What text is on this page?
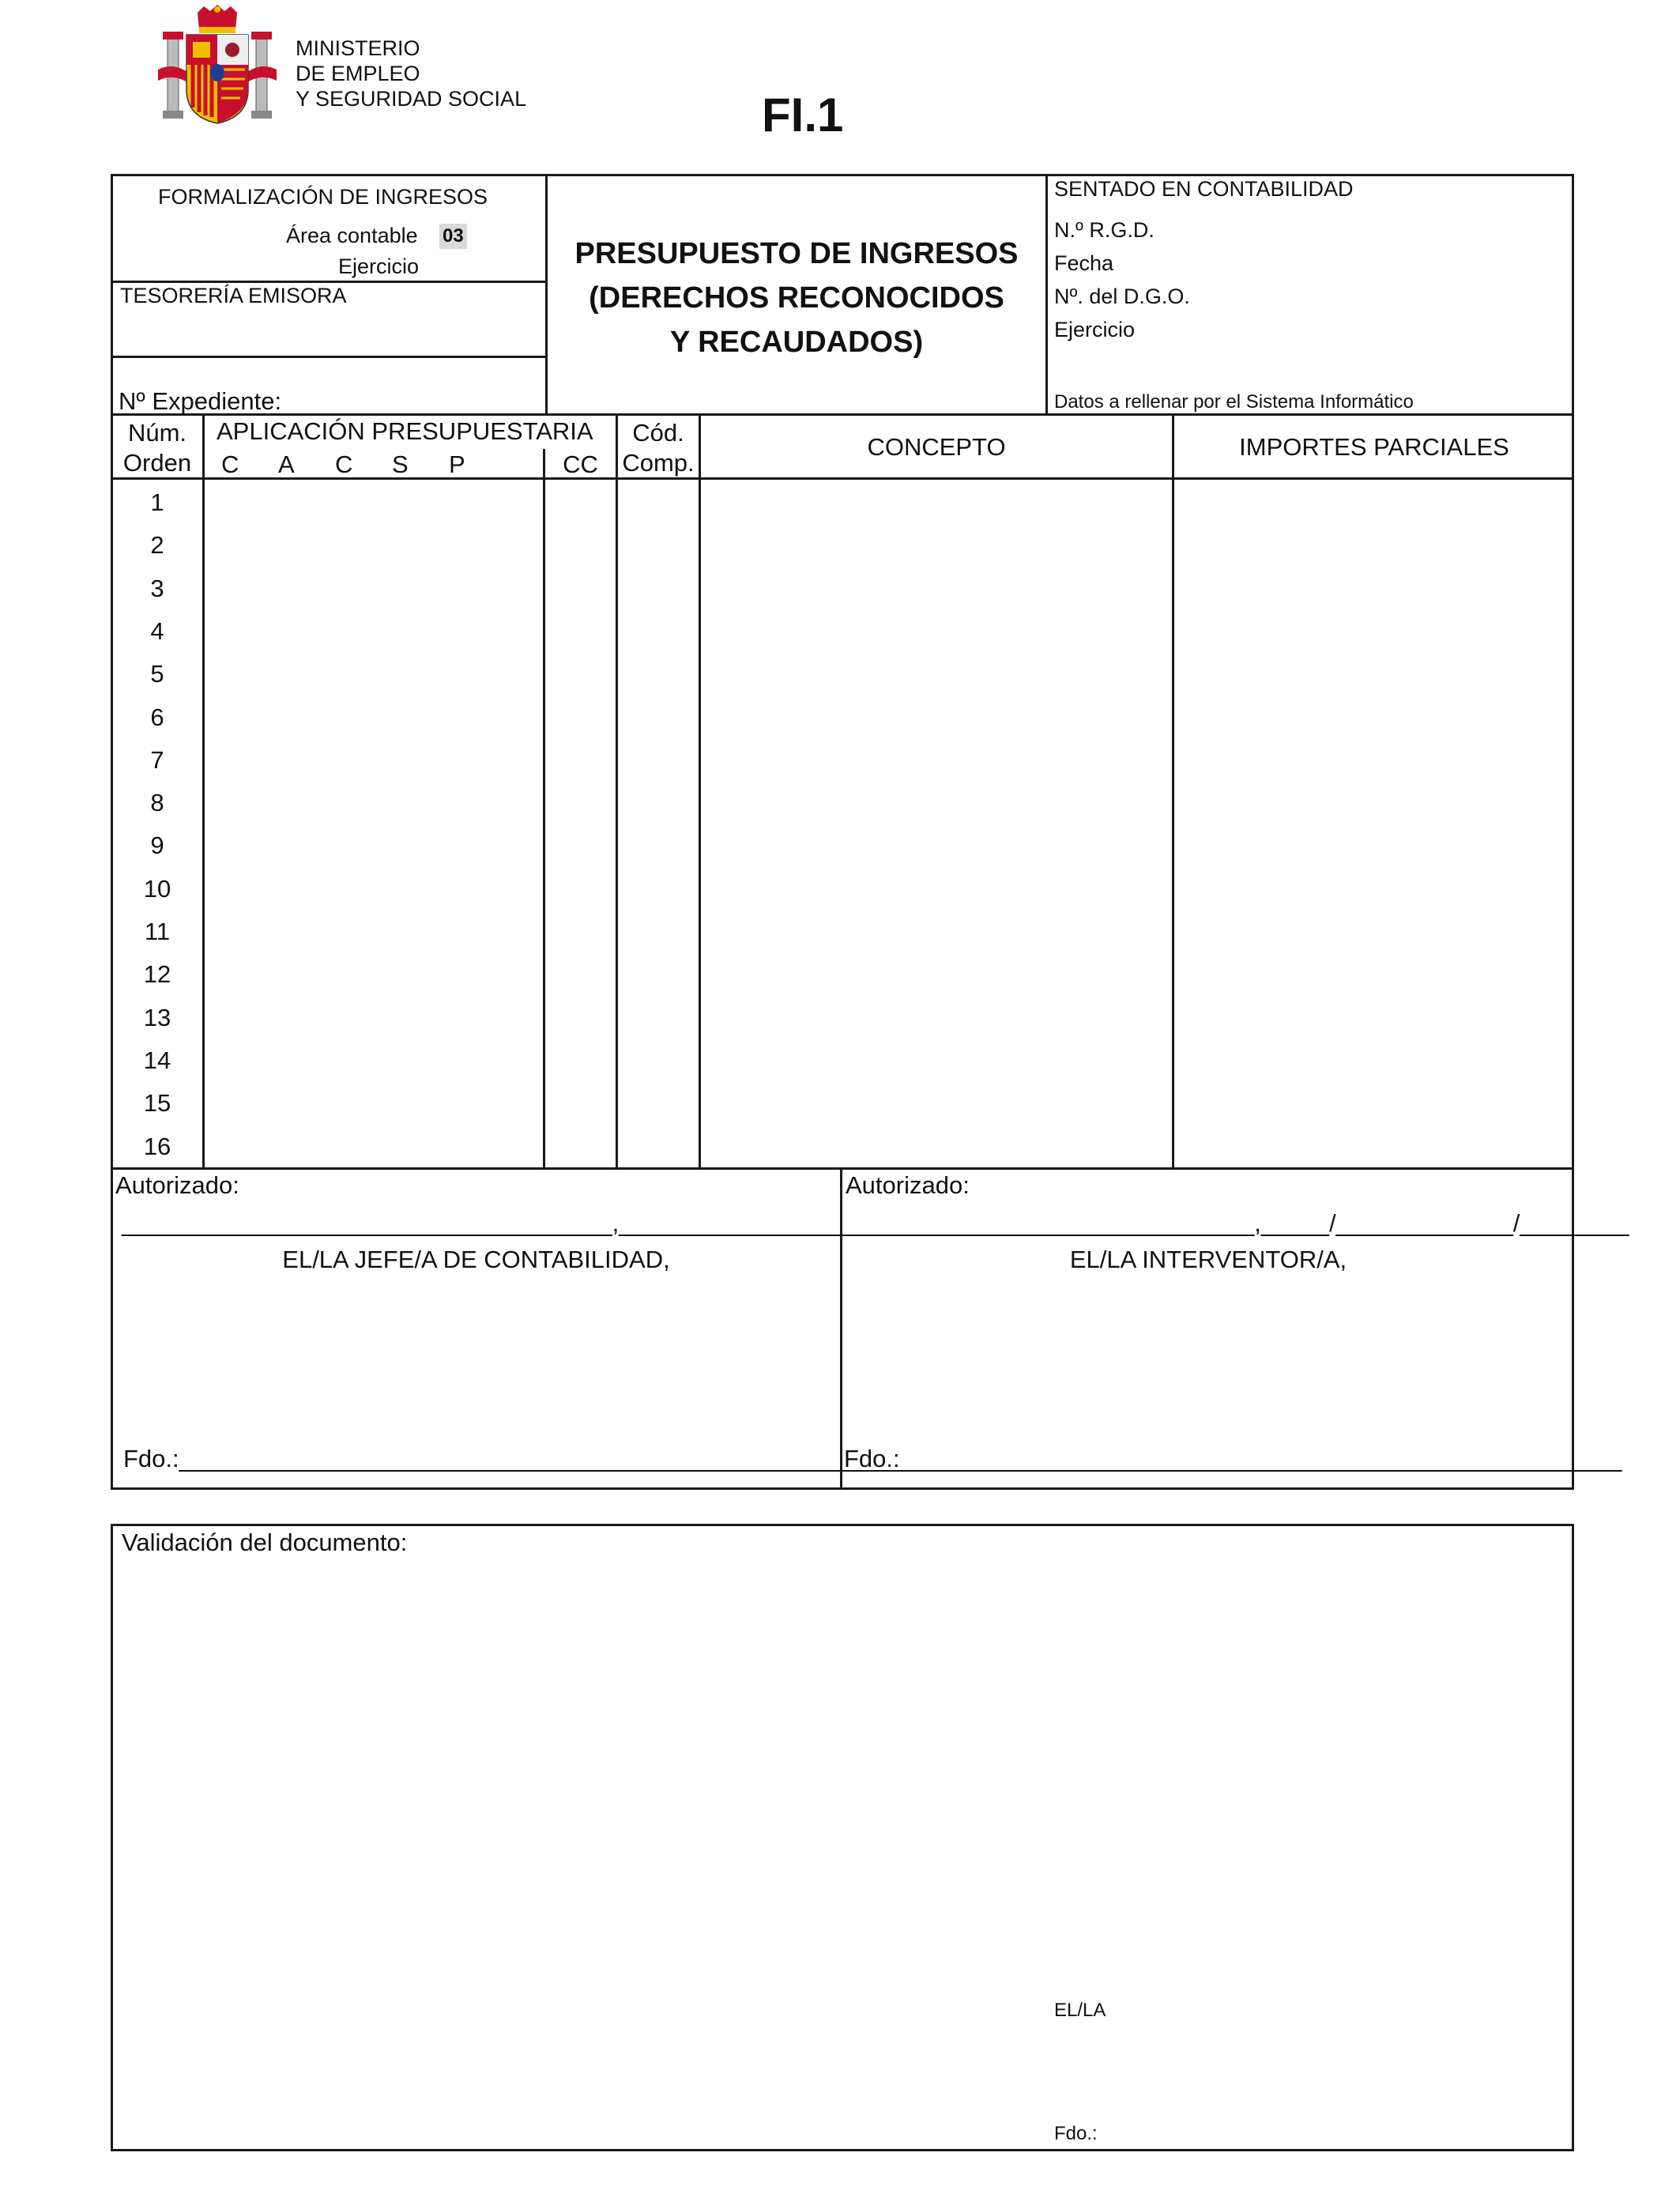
MINISTERIO
DE EMPLEO
Y SEGURIDAD SOCIAL	FI.1
FORMALIZACIÓN DE INGRESOS
Área contable 03
Ejercicio
TESORERÍA EMISORA
Nº Expediente:
PRESUPUESTO DE INGRESOS
(DERECHOS RECONOCIDOS
Y RECAUDADOS)
SENTADO EN CONTABILIDAD
N.º R.G.D.
Fecha
Nº. del D.G.O.
Ejercicio
Datos a rellenar por el Sistema Informático
Núm.
Orden
APLICACIÓN PRESUPUESTARIA
C A C S P	CC
Cód.
Comp.
CONCEPTO	IMPORTES PARCIALES
1
2
3
4
5
6
7
8
9
10
11
12
13
14
15
16
Autorizado:
____________________________________,______________________
EL/LA JEFE/A DE CONTABILIDAD,
Fdo.:_____________________________________________________
Autorizado:
______________________________,_____/_____________/________
EL/LA INTERVENTOR/A,
Fdo.:_____________________________________________________
Validación del documento:
EL/LA
Fdo.:
